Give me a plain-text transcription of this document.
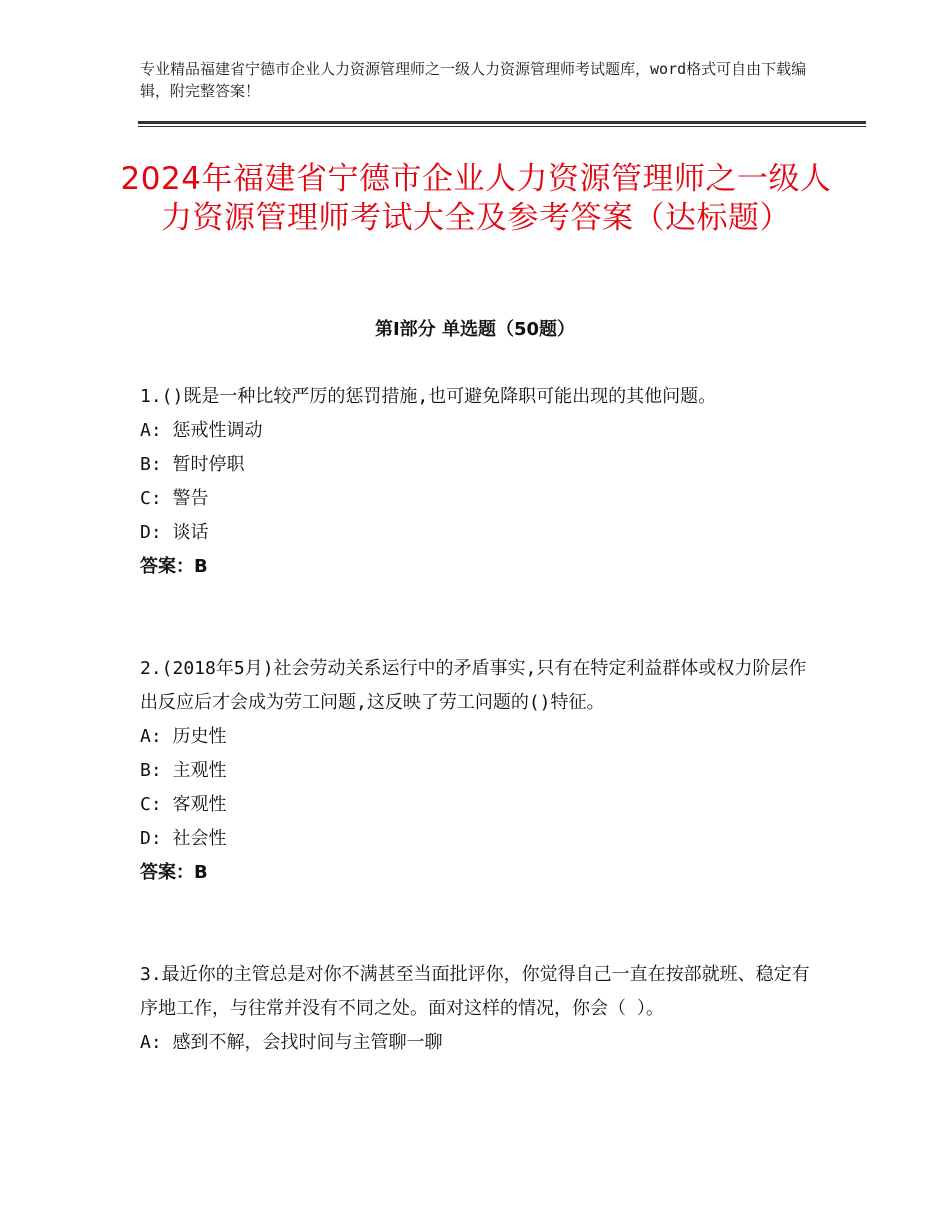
专业精品福建省宁德市企业人力资源管理师之一级人力资源管理师考试题库，word格式可自由下载编辑，附完整答案！
2024年福建省宁德市企业人力资源管理师之一级人力资源管理师考试大全及参考答案（达标题）
第Ⅰ部分 单选题（50题）

1.()既是一种比较严厉的惩罚措施,也可避免降职可能出现的其他问题。

A: 惩戒性调动

B: 暂时停职

C: 警告

D: 谈话

答案：B

2.(2018年5月)社会劳动关系运行中的矛盾事实,只有在特定利益群体或权力阶层作出反应后才会成为劳工问题,这反映了劳工问题的()特征。

A: 历史性

B: 主观性

C: 客观性

D: 社会性

答案：B

3.最近你的主管总是对你不满甚至当面批评你，你觉得自己一直在按部就班、稳定有序地工作，与往常并没有不同之处。面对这样的情况，你会（ ）。

A: 感到不解，会找时间与主管聊一聊
